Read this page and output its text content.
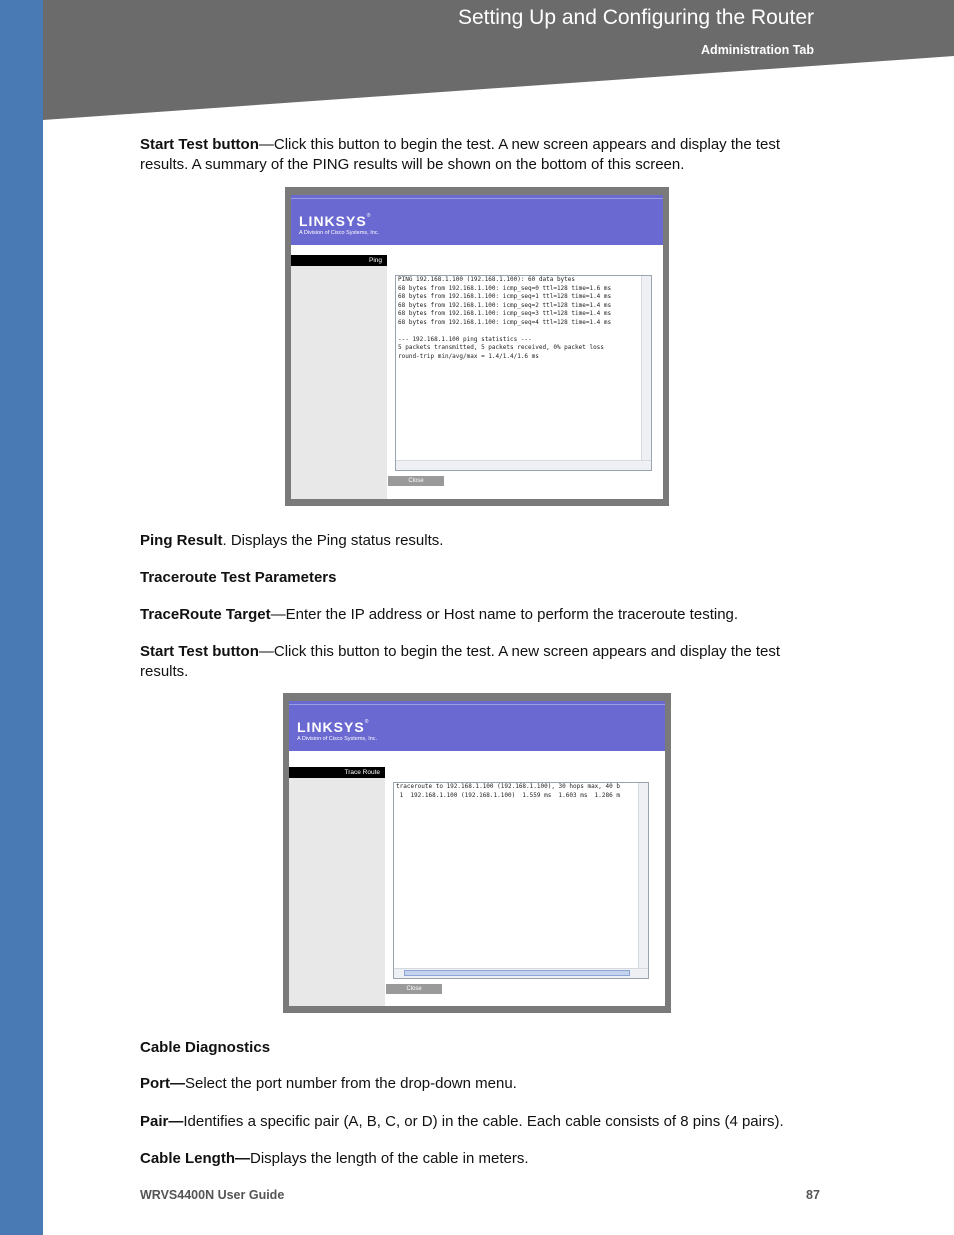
Setting Up and Configuring the Router
Administration Tab
Start Test button—Click this button to begin the test. A new screen appears and display the test results. A summary of the PING results will be shown on the bottom of this screen.
LINKSYS®
A Division of Cisco Systems, Inc.
Ping
PING 192.168.1.100 (192.168.1.100): 60 data bytes
68 bytes from 192.168.1.100: icmp_seq=0 ttl=128 time=1.6 ms
68 bytes from 192.168.1.100: icmp_seq=1 ttl=128 time=1.4 ms
68 bytes from 192.168.1.100: icmp_seq=2 ttl=128 time=1.4 ms
68 bytes from 192.168.1.100: icmp_seq=3 ttl=128 time=1.4 ms
68 bytes from 192.168.1.100: icmp_seq=4 ttl=128 time=1.4 ms

--- 192.168.1.100 ping statistics ---
5 packets transmitted, 5 packets received, 0% packet loss
round-trip min/avg/max = 1.4/1.4/1.6 ms
Close
Ping Result. Displays the Ping status results.
Traceroute Test Parameters
TraceRoute Target—Enter the IP address or Host name to perform the traceroute testing.
Start Test button—Click this button to begin the test. A new screen appears and display the test results.
LINKSYS®
A Division of Cisco Systems, Inc.
Trace Route
traceroute to 192.168.1.100 (192.168.1.100), 30 hops max, 40 b
1  192.168.1.100 (192.168.1.100)  1.559 ms  1.603 ms  1.286 m
Close
Cable Diagnostics
Port—Select the port number from the drop-down menu.
Pair—Identifies a specific pair (A, B, C, or D) in the cable. Each cable consists of 8 pins (4 pairs).
Cable Length—Displays the length of the cable in meters.
WRVS4400N User Guide	87
